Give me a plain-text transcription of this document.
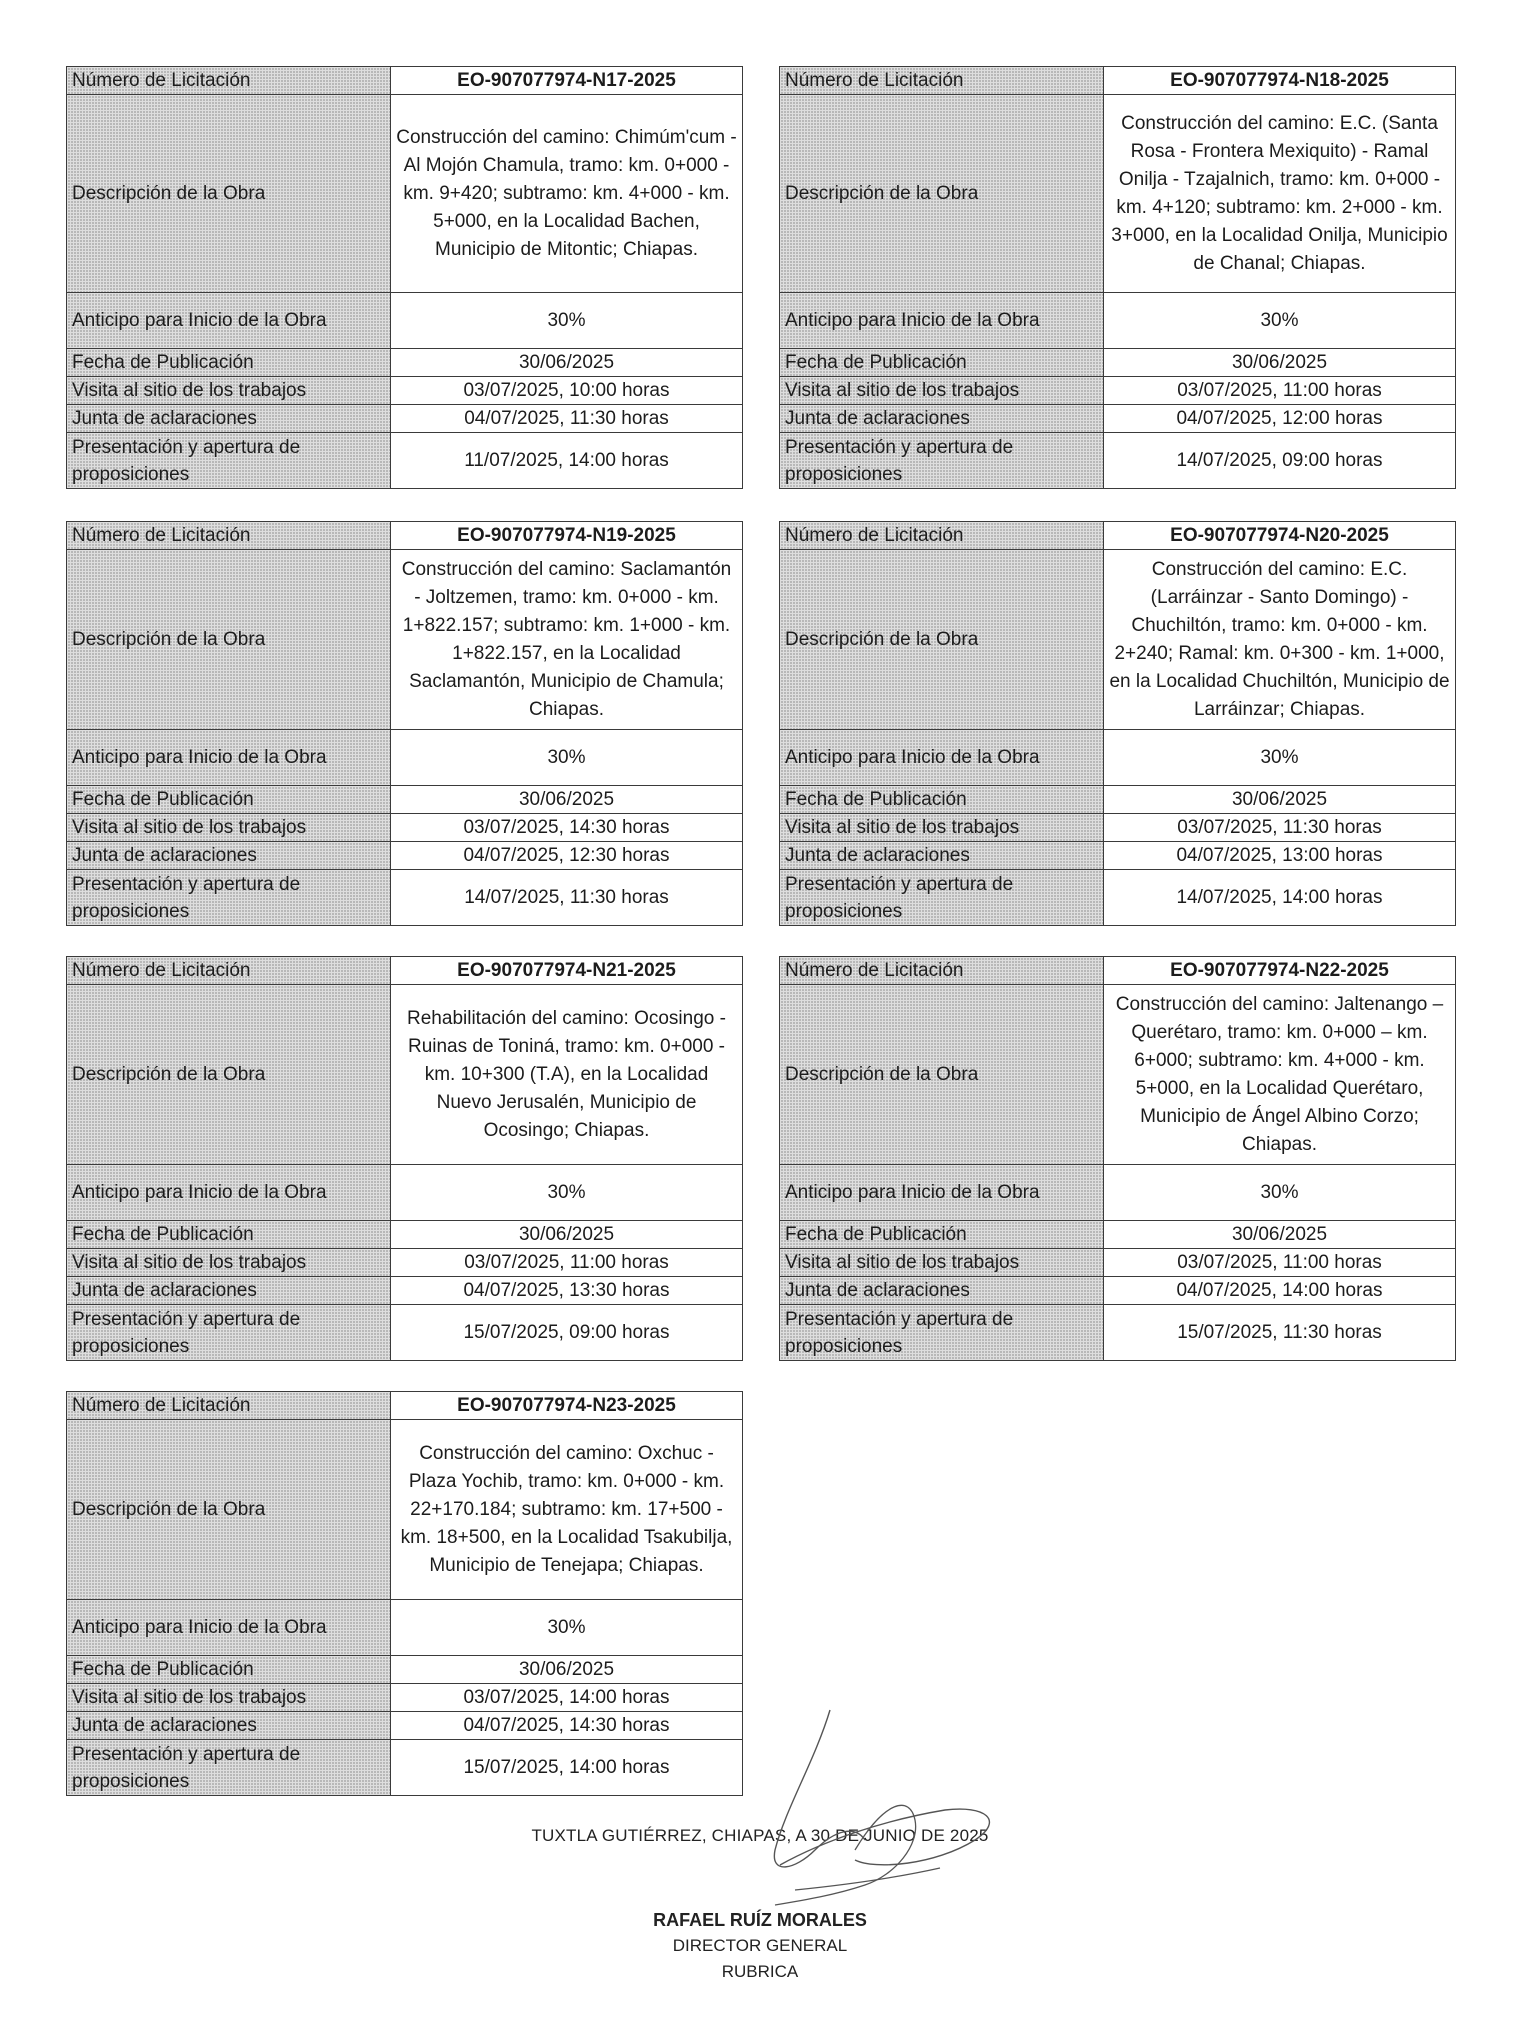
Número de Licitación	EO-907077974-N17-2025
Descripción de la Obra	Construcción del camino: Chimúm'cum - Al Mojón Chamula, tramo: km. 0+000 - km. 9+420; subtramo: km. 4+000 - km. 5+000, en la Localidad Bachen, Municipio de Mitontic; Chiapas.
Anticipo para Inicio de la Obra	30%
Fecha de Publicación	30/06/2025
Visita al sitio de los trabajos	03/07/2025, 10:00 horas
Junta de aclaraciones	04/07/2025, 11:30 horas
Presentación y apertura de proposiciones	11/07/2025, 14:00 horas
Número de Licitación	EO-907077974-N18-2025
Descripción de la Obra	Construcción del camino: E.C. (Santa Rosa - Frontera Mexiquito) - Ramal Onilja - Tzajalnich, tramo: km. 0+000 - km. 4+120; subtramo: km. 2+000 - km. 3+000, en la Localidad Onilja, Municipio de Chanal; Chiapas.
Anticipo para Inicio de la Obra	30%
Fecha de Publicación	30/06/2025
Visita al sitio de los trabajos	03/07/2025, 11:00 horas
Junta de aclaraciones	04/07/2025, 12:00 horas
Presentación y apertura de proposiciones	14/07/2025, 09:00 horas
Número de Licitación	EO-907077974-N19-2025
Descripción de la Obra	Construcción del camino: Saclamantón - Joltzemen, tramo: km. 0+000 - km. 1+822.157; subtramo: km. 1+000 - km. 1+822.157, en la Localidad Saclamantón, Municipio de Chamula; Chiapas.
Anticipo para Inicio de la Obra	30%
Fecha de Publicación	30/06/2025
Visita al sitio de los trabajos	03/07/2025, 14:30 horas
Junta de aclaraciones	04/07/2025, 12:30 horas
Presentación y apertura de proposiciones	14/07/2025, 11:30 horas
Número de Licitación	EO-907077974-N20-2025
Descripción de la Obra	Construcción del camino: E.C. (Larráinzar - Santo Domingo) - Chuchiltón, tramo: km. 0+000 - km. 2+240; Ramal: km. 0+300 - km. 1+000, en la Localidad Chuchiltón, Municipio de Larráinzar; Chiapas.
Anticipo para Inicio de la Obra	30%
Fecha de Publicación	30/06/2025
Visita al sitio de los trabajos	03/07/2025, 11:30 horas
Junta de aclaraciones	04/07/2025, 13:00 horas
Presentación y apertura de proposiciones	14/07/2025, 14:00 horas
Número de Licitación	EO-907077974-N21-2025
Descripción de la Obra	Rehabilitación del camino: Ocosingo - Ruinas de Toniná, tramo: km. 0+000 - km. 10+300 (T.A), en la Localidad Nuevo Jerusalén, Municipio de Ocosingo; Chiapas.
Anticipo para Inicio de la Obra	30%
Fecha de Publicación	30/06/2025
Visita al sitio de los trabajos	03/07/2025, 11:00 horas
Junta de aclaraciones	04/07/2025, 13:30 horas
Presentación y apertura de proposiciones	15/07/2025, 09:00 horas
Número de Licitación	EO-907077974-N22-2025
Descripción de la Obra	Construcción del camino: Jaltenango – Querétaro, tramo: km. 0+000 – km. 6+000; subtramo: km. 4+000 - km. 5+000, en la Localidad Querétaro, Municipio de Ángel Albino Corzo; Chiapas.
Anticipo para Inicio de la Obra	30%
Fecha de Publicación	30/06/2025
Visita al sitio de los trabajos	03/07/2025, 11:00 horas
Junta de aclaraciones	04/07/2025, 14:00 horas
Presentación y apertura de proposiciones	15/07/2025, 11:30 horas
Número de Licitación	EO-907077974-N23-2025
Descripción de la Obra	Construcción del camino: Oxchuc - Plaza Yochib, tramo: km. 0+000 - km. 22+170.184; subtramo: km. 17+500 - km. 18+500, en la Localidad Tsakubilja, Municipio de Tenejapa; Chiapas.
Anticipo para Inicio de la Obra	30%
Fecha de Publicación	30/06/2025
Visita al sitio de los trabajos	03/07/2025, 14:00 horas
Junta de aclaraciones	04/07/2025, 14:30 horas
Presentación y apertura de proposiciones	15/07/2025, 14:00 horas
TUXTLA GUTIÉRREZ, CHIAPAS, A 30 DE JUNIO DE 2025
RAFAEL RUÍZ MORALES
DIRECTOR GENERAL
RUBRICA
